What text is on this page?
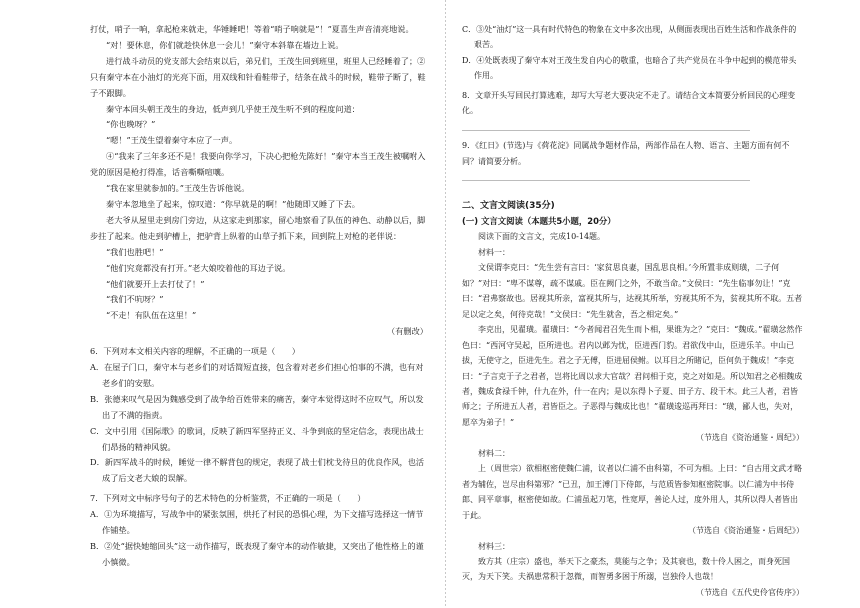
打仗，哨子一响，拿起枪来就走，华锤睡吧！等着“哨子响就是”！”夏喜生声音清亮地说。

“对！要休息，你们就趁快休息一会儿！”秦守本斜靠在墙边上说。

进行战斗动员的党支部大会结束以后，弟兄们，王茂生回到班里，班里人已经睡着了；②只有秦守本在小油灯的光亮下面，用双线和针看鞋带子，结条在战斗的时候，鞋带子断了，鞋子不跟脚。

秦守本回头朝王茂生的身边，低声到几乎使王茂生听不到的程度问道：

“你也晚呀？”

“嗯！”王茂生望着秦守本应了一声。

④“我来了三年多还不是！我要向你学习，下决心把枪先陈好！”秦守本当王茂生被嘱咐入党的原因是枪打得准，话音嘶嘶喧嚷。

“我在家里就参加的。”王茂生告诉他说。

秦守本忽地坐了起来，惊叹道：“你早就是的啊！”他随即又睡了下去。

老大爷从屋里走到房门旁边，从这家走到那家，留心地察看了队伍的神色、动静以后，脚步拄了起来。他走到驴槽上，把驴背上纵着的山草子抓下来，回到院上对枪的老伴说：

“我们也胜吧！”

“他们究竟都没有打开。”老大娘咬着他的耳边子说。

“他们就要开上去打仗了！”

“我们不吭呀？”

“不走！有队伍在这里！”

（有删改）

6．下列对本文相关内容的理解，不正确的一项是（　　）

A．在屋子门口，秦守本与老乡们的对话简短直接，包含着对老乡们担心怕事的不满，也有对老乡们的安慰。

B．张德来叹气是因为魏感受到了战争给百姓带来的痛苦，秦守本觉得这时不应叹气，所以发出了不满的指责。

C．文中引用《国际歌》的歌词，反映了新四军坚持正义、斗争到底的坚定信念，表现出战士们昂扬的精神风貌。

D．新四军战斗的时候，睡觉一律不解背包的规定，表现了战士们枕戈待旦的优良作风，也活成了后文老大娘的误解。

7．下列对文中标序号句子的艺术特色的分析鉴赏，不正确的一项是（　　）

A．①为环境描写，写战争中的紧张氛围，烘托了村民的恐惧心理，为下文描写选择这一情节作铺垫。

B．②处“据快她缩回头”这一动作描写，既表现了秦守本的动作敏捷，又突出了他性格上的谨小慎微。

C．③处“油灯”这一具有时代特色的物象在文中多次出现，从侧面表现出百姓生活和作战条件的艰苦。

D．④处既表现了秦守本对王茂生发自内心的敬重，也暗合了共产党员在斗争中起到的模范带头作用。

8．文章开头写回民打算逃难，却写大写老大要决定不走了。请结合文本简要分析回民的心理变化。

________________________________________________________________________

9．《红日》(节选)与《荷花淀》同属战争题材作品，两部作品在人物、语言、主题方面有何不同？请简要分析。

________________________________________________________________________

二、文言文阅读(35分)

(一) 文言文阅读（本题共5小题，20分）

阅读下面的文言文，完成10-14题。

材料一：

文侯谓李克曰：“先生尝有言曰：‘家贫思良妻，国乱思良相。’今所置非成则璜，二子何如？”对曰：“卑不谋尊，疏不谋戚。臣在阙门之外，不敢当命。”文侯曰：“先生临事勿让！”克曰：“君弗察故也。居视其所亲，富视其所与，达视其所举，穷视其所不为，贫视其所不取。五者足以定之矣，何待克哉！”文侯曰：“先生就舍，吾之相定矣。”

李克出，见翟璜。翟璜曰：“今者闻君召先生而卜相，果谁为之？”克曰：“魏成。”翟璜忿然作色曰：“西河守吴起，臣所进也。君内以邺为忧，臣进西门豹。君欲伐中山，臣进乐羊。中山已拔，无使守之，臣进先生。君之子无傅，臣进屈侯鲋。以耳目之所睹记，臣何负于魏成！”李克曰：“子言克于子之君者，岂将比周以求大官哉？君问相于克，克之对如是。所以知君之必相魏成者，魏成食禄千钟，什九在外，什一在内；是以东得卜子夏、田子方、段干木。此三人者，君皆师之；子所进五人者，君皆臣之。子恶得与魏成比也！”翟璜逡巡再拜曰：“璜，鄙人也，失对，愿卒为弟子！”

（节选自《资治通鉴・周纪》）

材料二：

上（周世宗）欲相枢密使魏仁浦，议者以仁浦不由科第，不可为相。上曰：“自古用文武才略者为辅佐，岂尽由科第邪？”已丑，加王溥门下侍郎，与范质皆参知枢密院事。以仁浦为中书侍郎、同平章事，枢密使如故。仁浦虽起刀笔，性宽厚，善论人过，度外用人，其所以得人者皆出于此。

（节选自《资治通鉴・后周纪》）

材料三：

致方其（庄宗）盛也，举天下之豪杰，莫能与之争；及其衰也，数十伶人困之，而身死国灭，为天下笑。夫祸患常积于忽微，而智勇多困于所溺，岂独伶人也哉！

（节选自《五代史伶官传序》）
